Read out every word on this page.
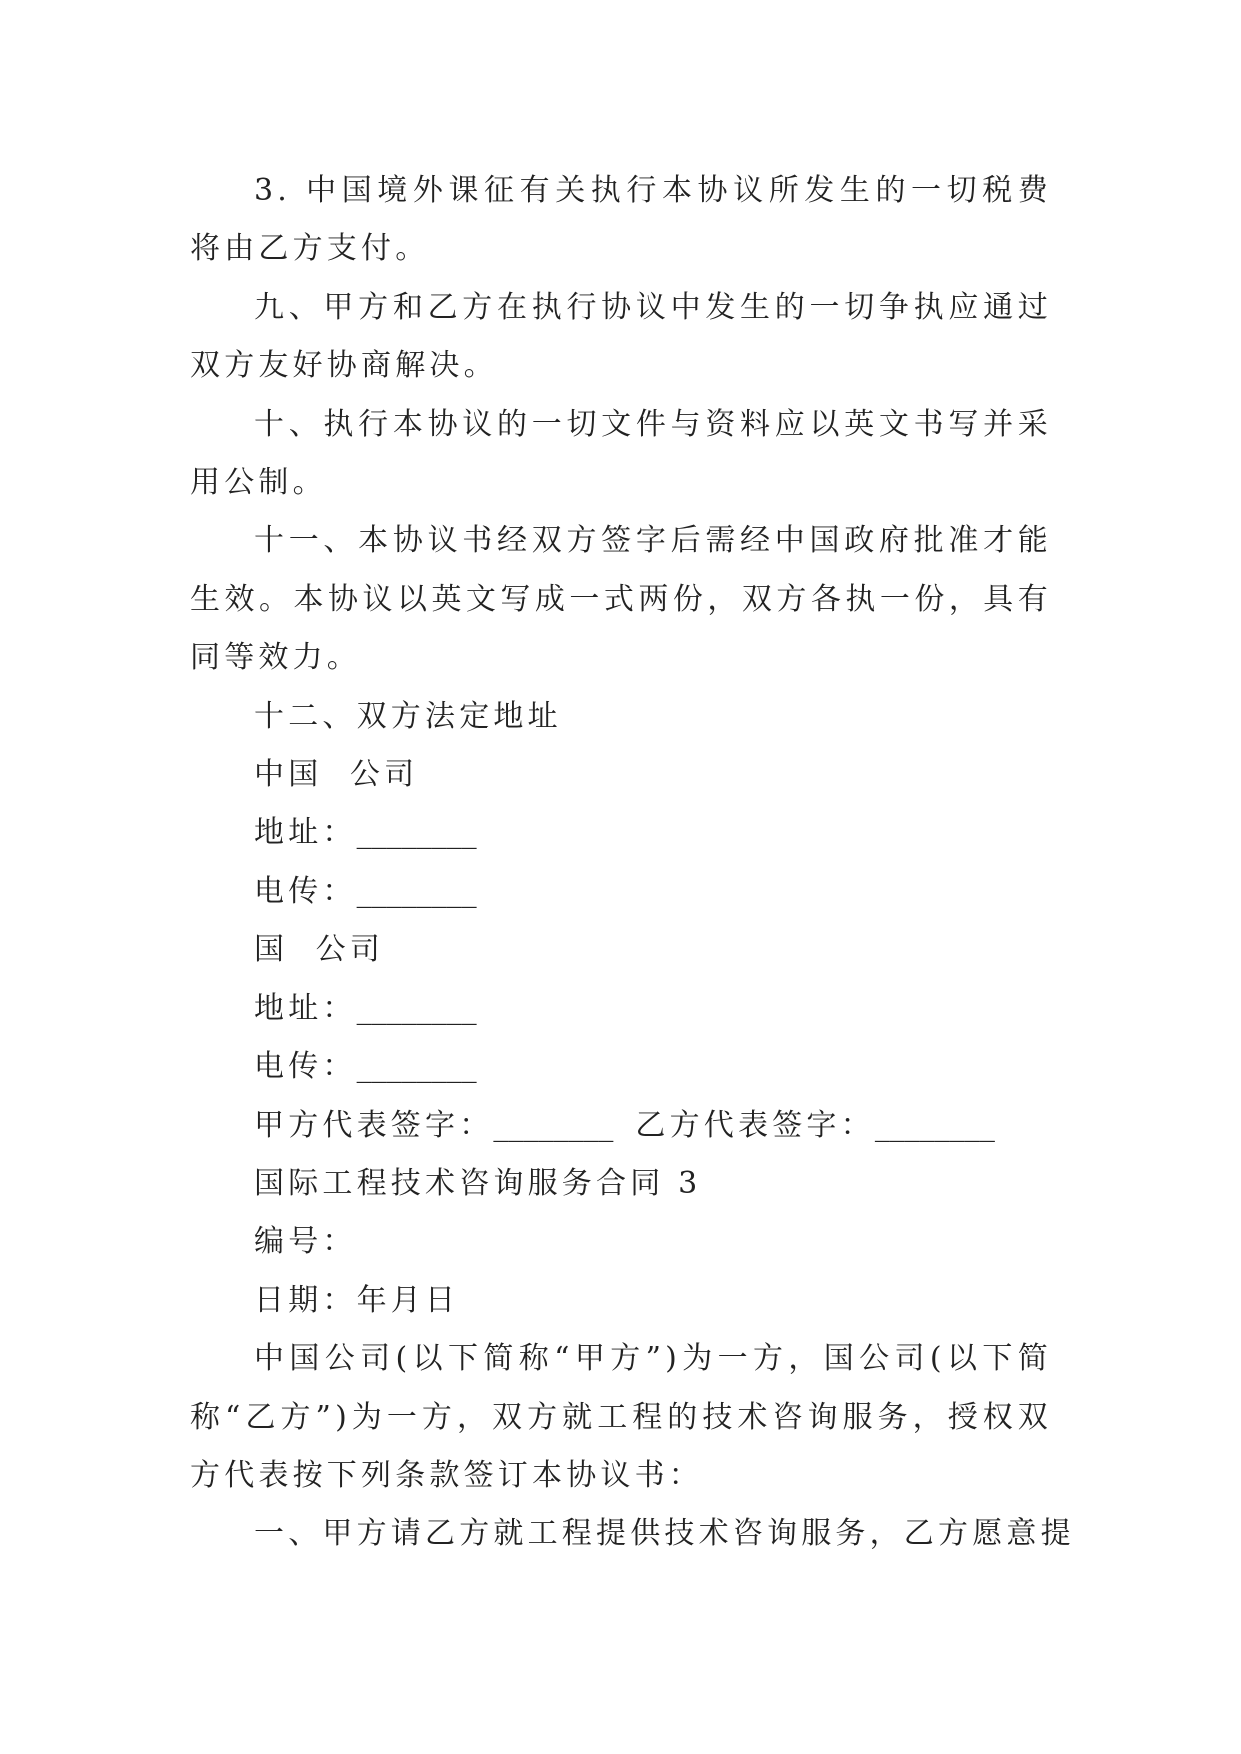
3. 中国境外课征有关执行本协议所发生的一切税费将由乙方支付。

九、甲方和乙方在执行协议中发生的一切争执应通过双方友好协商解决。

十、执行本协议的一切文件与资料应以英文书写并采用公制。

十一、本协议书经双方签字后需经中国政府批准才能生效。本协议以英文写成一式两份，双方各执一份，具有同等效力。

十二、双方法定地址

中国  公司

地址：________

电传：________

国  公司

地址：________

电传：________

甲方代表签字：________ 乙方代表签字：________

国际工程技术咨询服务合同 3

编号：

日期：年月日

中国公司(以下简称“甲方”)为一方，国公司(以下简称“乙方”)为一方，双方就工程的技术咨询服务，授权双方代表按下列条款签订本协议书：

一、甲方请乙方就工程提供技术咨询服务，乙方愿意提
